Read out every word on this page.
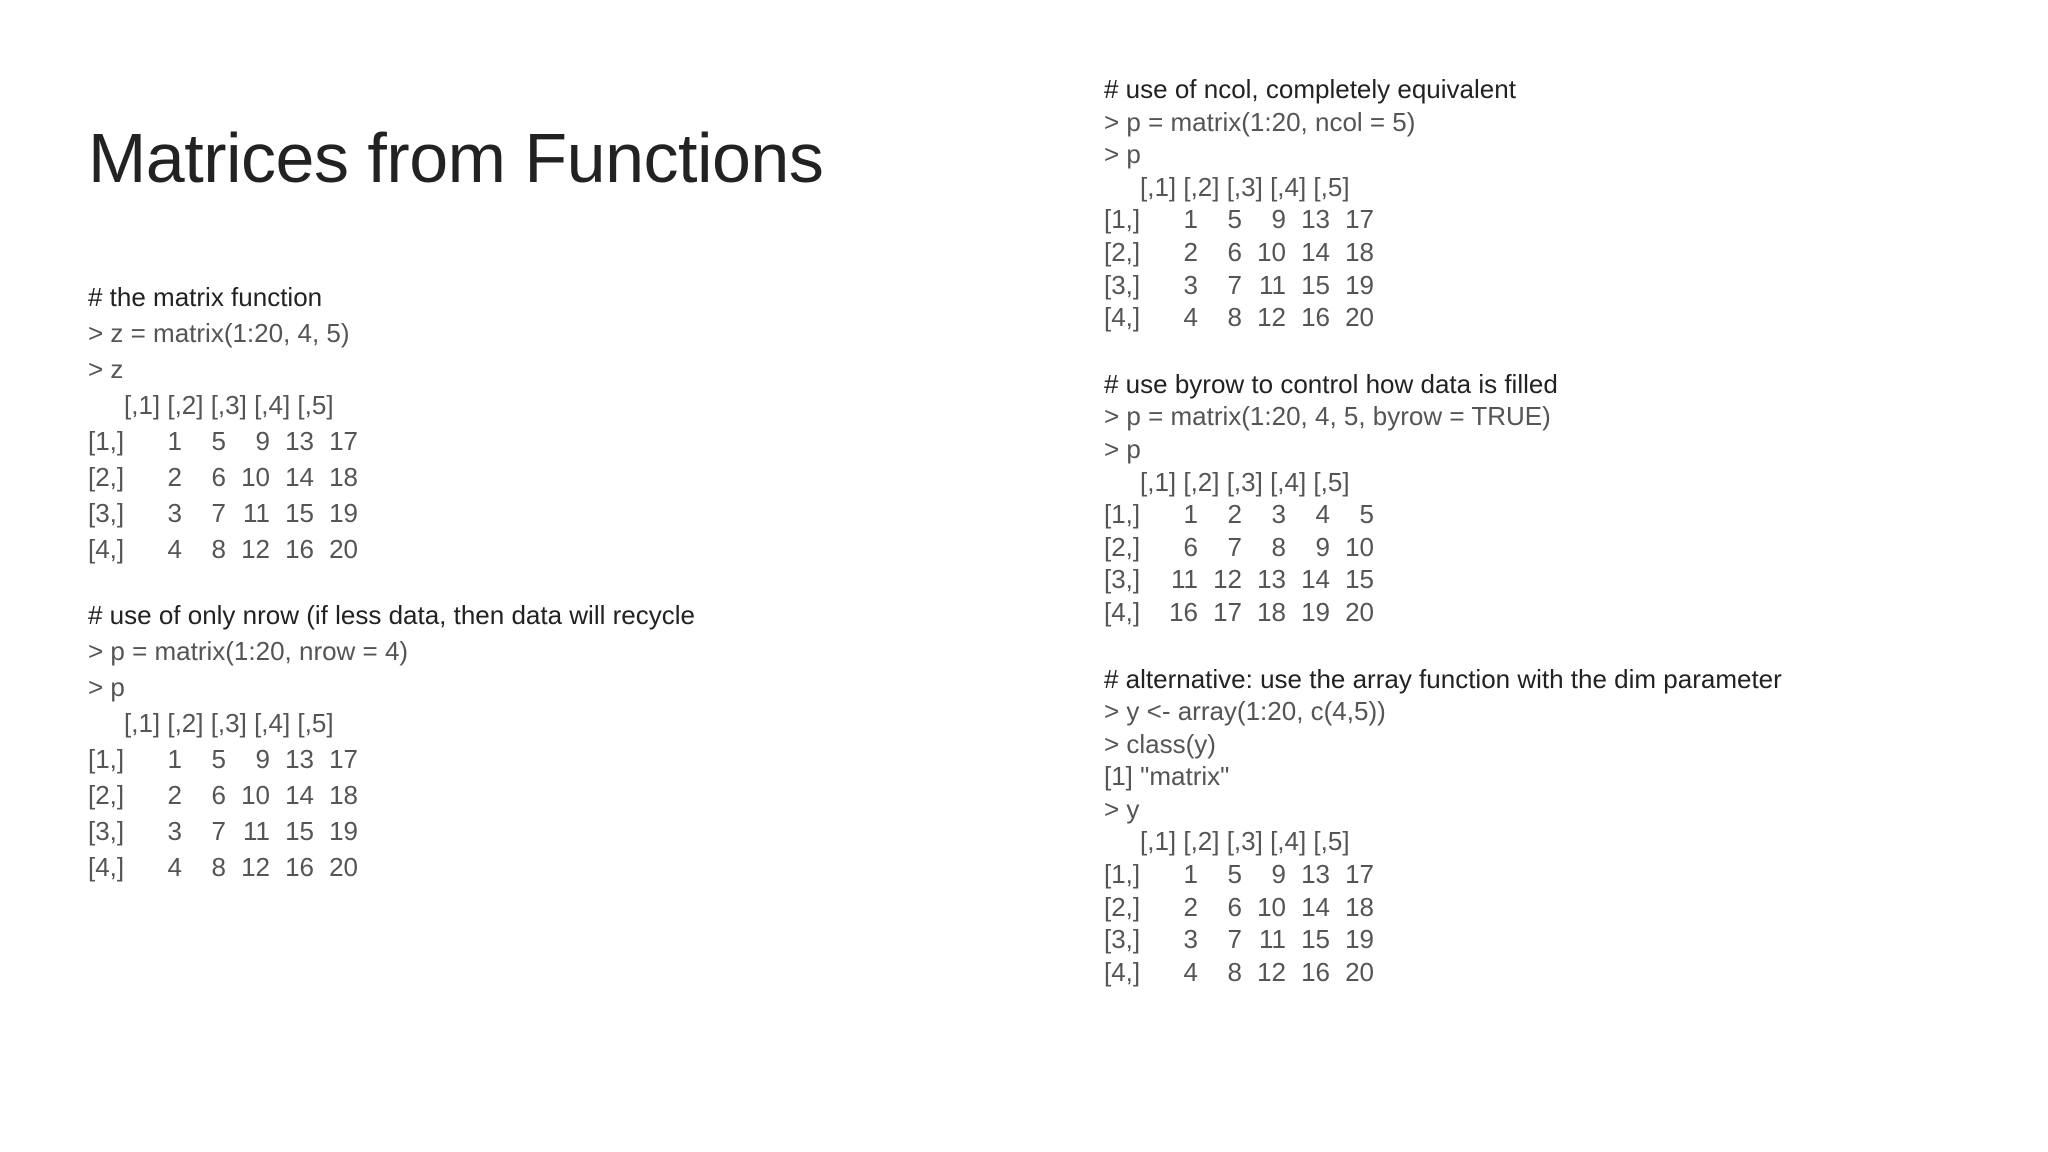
Matrices from Functions
# the matrix function
> z = matrix(1:20, 4, 5)
> z
[,1] [,2] [,3] [,4] [,5]
[1,]	1	5	9 13 17
[2,]	2	6 10 14 18
[3,]	3	7 11 15 19
[4,]	4	8 12 16 20
# use of only nrow (if less data, then data will recycle
> p = matrix(1:20, nrow = 4)
> p
[,1] [,2] [,3] [,4] [,5]
[1,]	1	5	9 13 17
[2,]	2	6 10 14 18
[3,]	3	7 11 15 19
[4,]	4	8 12 16 20
# use of ncol, completely equivalent
> p = matrix(1:20, ncol = 5)
> p
[,1] [,2] [,3] [,4] [,5]
[1,]	1	5	9 13 17
[2,]	2	6 10 14 18
[3,]	3	7 11 15 19
[4,]	4	8 12 16 20
# use byrow to control how data is filled
> p = matrix(1:20, 4, 5, byrow = TRUE)
> p
[,1] [,2] [,3] [,4] [,5]
[1,]	1	2	3	4	5
[2,]	6	7	8	9 10
[3,]	11 12 13 14 15
[4,]	16 17 18 19 20
# alternative: use the array function with the dim parameter
> y <- array(1:20, c(4,5))
> class(y)
[1] "matrix"
> y
[,1] [,2] [,3] [,4] [,5]
[1,]	1	5	9 13 17
[2,]	2	6 10 14 18
[3,]	3	7 11 15 19
[4,]	4	8 12 16 20
